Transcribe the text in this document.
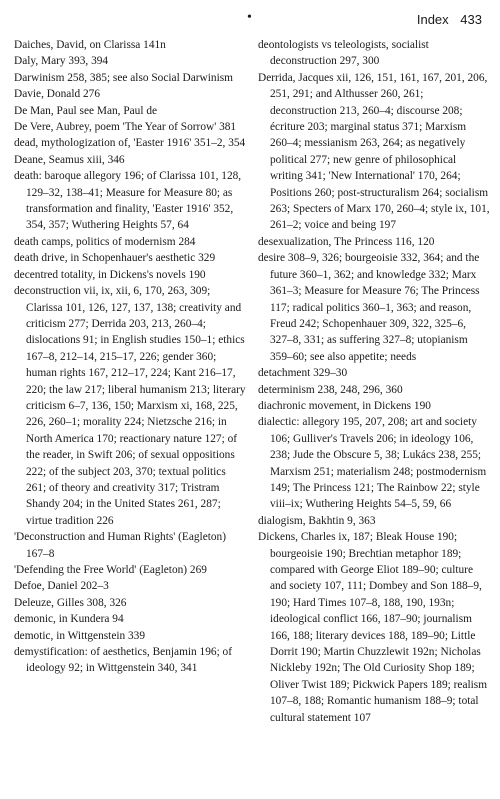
Index 433
•
Daiches, David, on Clarissa 141n
Daly, Mary 393, 394
Darwinism 258, 385; see also Social Darwinism
Davie, Donald 276
De Man, Paul see Man, Paul de
De Vere, Aubrey, poem 'The Year of Sorrow' 381
dead, mythologization of, 'Easter 1916' 351–2, 354
Deane, Seamus xiii, 346
death: baroque allegory 196; of Clarissa 101, 128, 129–32, 138–41; Measure for Measure 80; as transformation and finality, 'Easter 1916' 352, 354, 357; Wuthering Heights 57, 64
death camps, politics of modernism 284
death drive, in Schopenhauer's aesthetic 329
decentred totality, in Dickens's novels 190
deconstruction vii, ix, xii, 6, 170, 263, 309; Clarissa 101, 126, 127, 137, 138; creativity and criticism 277; Derrida 203, 213, 260–4; dislocations 91; in English studies 150–1; ethics 167–8, 212–14, 215–17, 226; gender 360; human rights 167, 212–17, 224; Kant 216–17, 220; the law 217; liberal humanism 213; literary criticism 6–7, 136, 150; Marxism xi, 168, 225, 226, 260–1; morality 224; Nietzsche 216; in North America 170; reactionary nature 127; of the reader, in Swift 206; of sexual oppositions 222; of the subject 203, 370; textual politics 261; of theory and creativity 317; Tristram Shandy 204; in the United States 261, 287; virtue tradition 226
'Deconstruction and Human Rights' (Eagleton) 167–8
'Defending the Free World' (Eagleton) 269
Defoe, Daniel 202–3
Deleuze, Gilles 308, 326
demonic, in Kundera 94
demotic, in Wittgenstein 339
demystification: of aesthetics, Benjamin 196; of ideology 92; in Wittgenstein 340, 341
deontologists vs teleologists, socialist deconstruction 297, 300
Derrida, Jacques xii, 126, 151, 161, 167, 201, 206, 251, 291; and Althusser 260, 261; deconstruction 213, 260–4; discourse 208; écriture 203; marginal status 371; Marxism 260–4; messianism 263, 264; as negatively political 277; new genre of philosophical writing 341; 'New International' 170, 264; Positions 260; post-structuralism 264; socialism 263; Specters of Marx 170, 260–4; style ix, 101, 261–2; voice and being 197
desexualization, The Princess 116, 120
desire 308–9, 326; bourgeoisie 332, 364; and the future 360–1, 362; and knowledge 332; Marx 361–3; Measure for Measure 76; The Princess 117; radical politics 360–1, 363; and reason, Freud 242; Schopenhauer 309, 322, 325–6, 327–8, 331; as suffering 327–8; utopianism 359–60; see also appetite; needs
detachment 329–30
determinism 238, 248, 296, 360
diachronic movement, in Dickens 190
dialectic: allegory 195, 207, 208; art and society 106; Gulliver's Travels 206; in ideology 106, 238; Jude the Obscure 5, 38; Lukács 238, 255; Marxism 251; materialism 248; postmodernism 149; The Princess 121; The Rainbow 22; style viii–ix; Wuthering Heights 54–5, 59, 66
dialogism, Bakhtin 9, 363
Dickens, Charles ix, 187; Bleak House 190; bourgeoisie 190; Brechtian metaphor 189; compared with George Eliot 189–90; culture and society 107, 111; Dombey and Son 188–9, 190; Hard Times 107–8, 188, 190, 193n; ideological conflict 166, 187–90; journalism 166, 188; literary devices 188, 189–90; Little Dorrit 190; Martin Chuzzlewit 192n; Nicholas Nickleby 192n; The Old Curiosity Shop 189; Oliver Twist 189; Pickwick Papers 189; realism 107–8, 188; Romantic humanism 188–9; total cultural statement 107
